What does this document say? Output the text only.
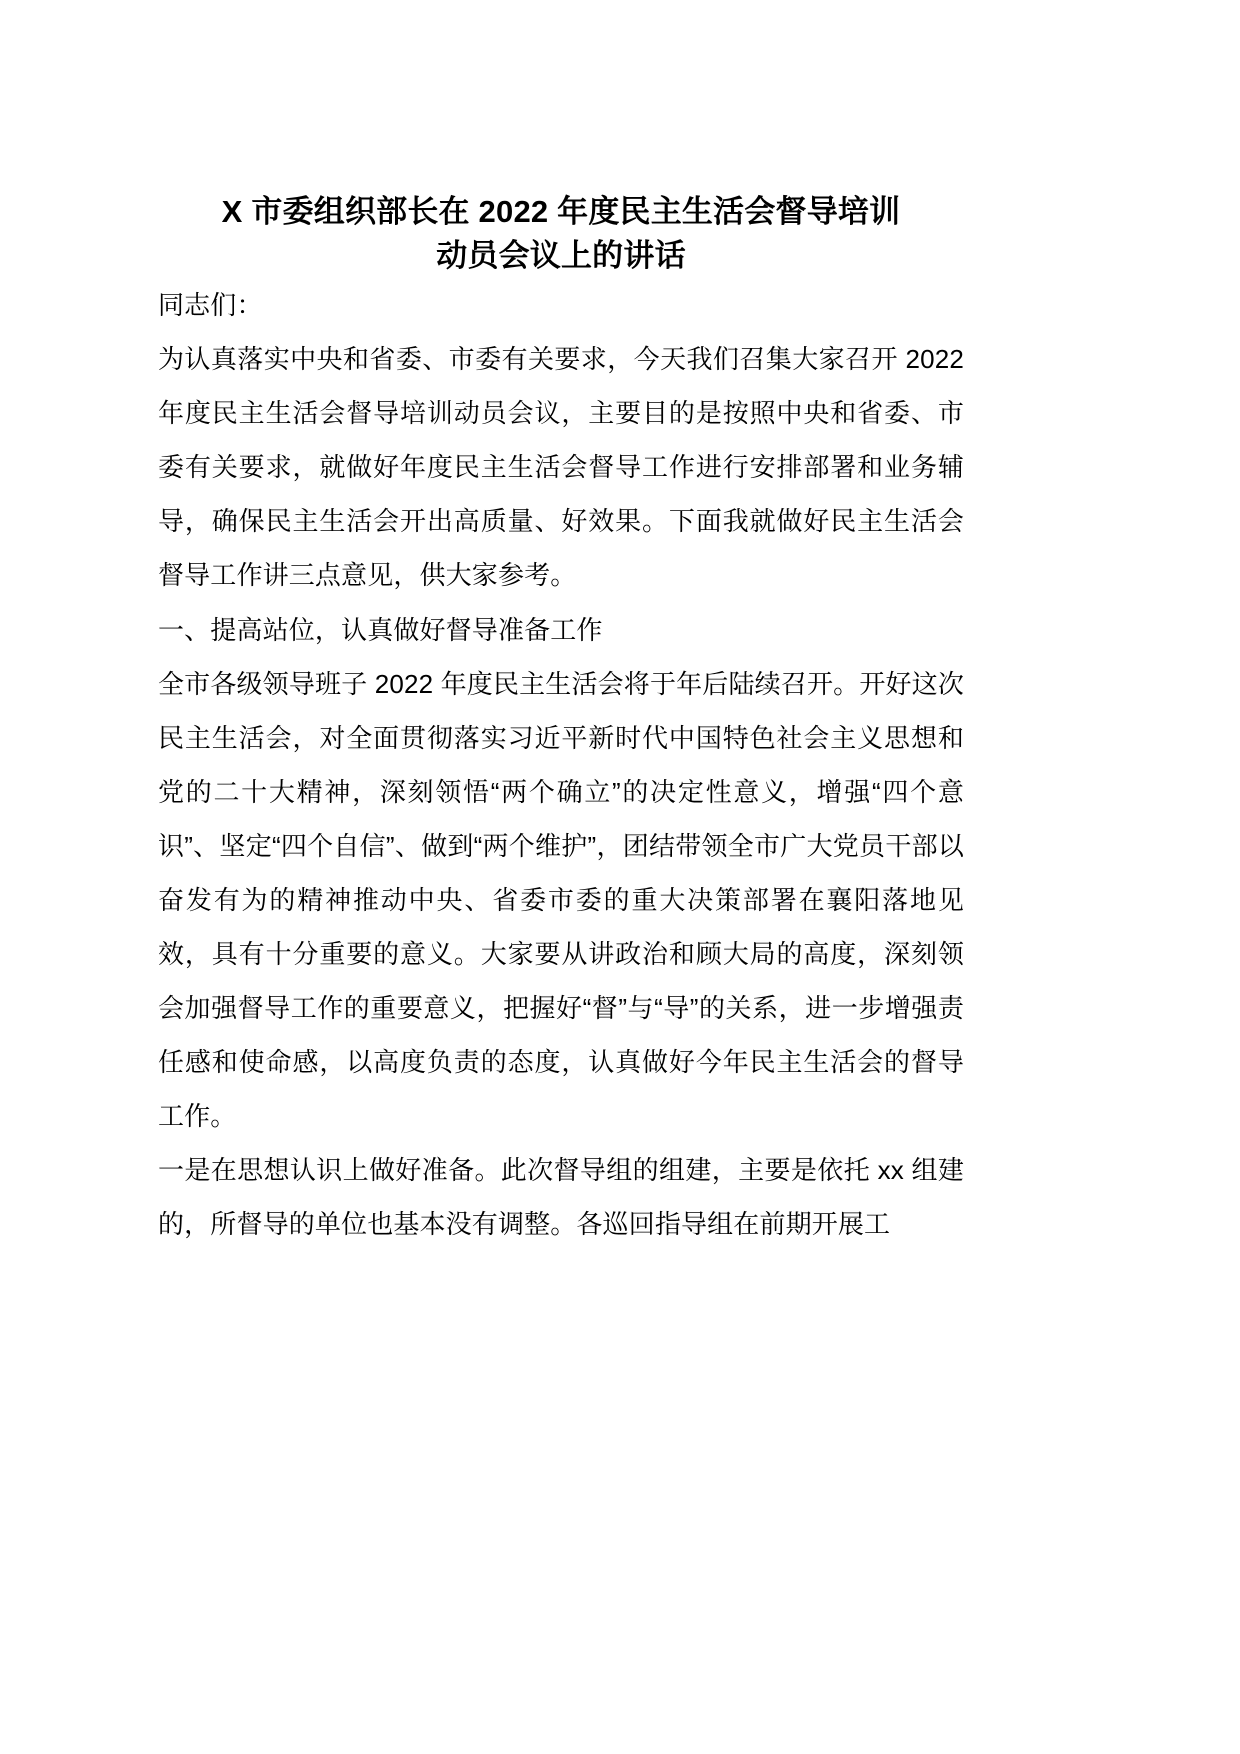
X 市委组织部长在 2022 年度民主生活会督导培训
动员会议上的讲话

同志们：

为认真落实中央和省委、市委有关要求，今天我们召集大家召开 2022 年度民主生活会督导培训动员会议，主要目的是按照中央和省委、市委有关要求，就做好年度民主生活会督导工作进行安排部署和业务辅导，确保民主生活会开出高质量、好效果。下面我就做好民主生活会督导工作讲三点意见，供大家参考。

一、提高站位，认真做好督导准备工作

全市各级领导班子 2022 年度民主生活会将于年后陆续召开。开好这次民主生活会，对全面贯彻落实习近平新时代中国特色社会主义思想和党的二十大精神，深刻领悟“两个确立”的决定性意义，增强“四个意识”、坚定“四个自信”、做到“两个维护”，团结带领全市广大党员干部以奋发有为的精神推动中央、省委市委的重大决策部署在襄阳落地见效，具有十分重要的意义。大家要从讲政治和顾大局的高度，深刻领会加强督导工作的重要意义，把握好“督”与“导”的关系，进一步增强责任感和使命感，以高度负责的态度，认真做好今年民主生活会的督导工作。

一是在思想认识上做好准备。此次督导组的组建，主要是依托 xx 组建的，所督导的单位也基本没有调整。各巡回指导组在前期开展工
